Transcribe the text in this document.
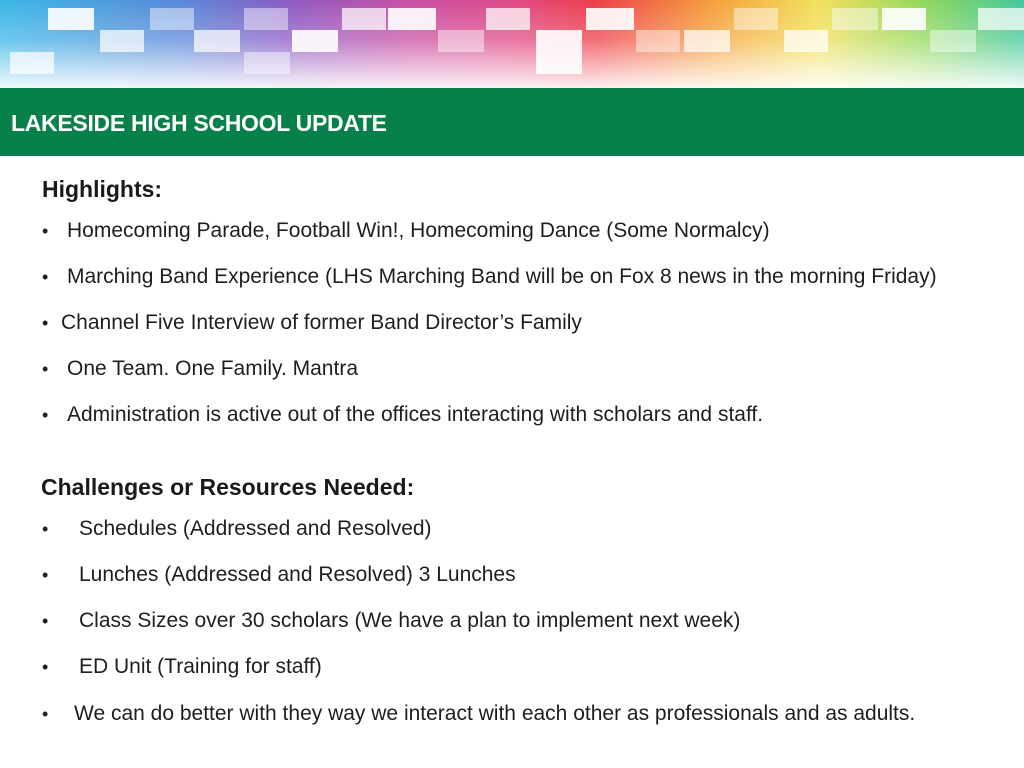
LAKESIDE HIGH SCHOOL UPDATE
Highlights:
• Homecoming Parade, Football Win!, Homecoming Dance (Some Normalcy)
• Marching Band Experience (LHS Marching Band will be on Fox 8 news in the morning Friday)
• Channel Five Interview of former Band Director’s Family
• One Team. One Family. Mantra
• Administration is active out of the offices interacting with scholars and staff.
Challenges or Resources Needed:
• Schedules (Addressed and Resolved)
• Lunches (Addressed and Resolved) 3 Lunches
• Class Sizes over 30 scholars (We have a plan to implement next week)
• ED Unit (Training for staff)
• We can do better with they way we interact with each other as professionals and as adults.
